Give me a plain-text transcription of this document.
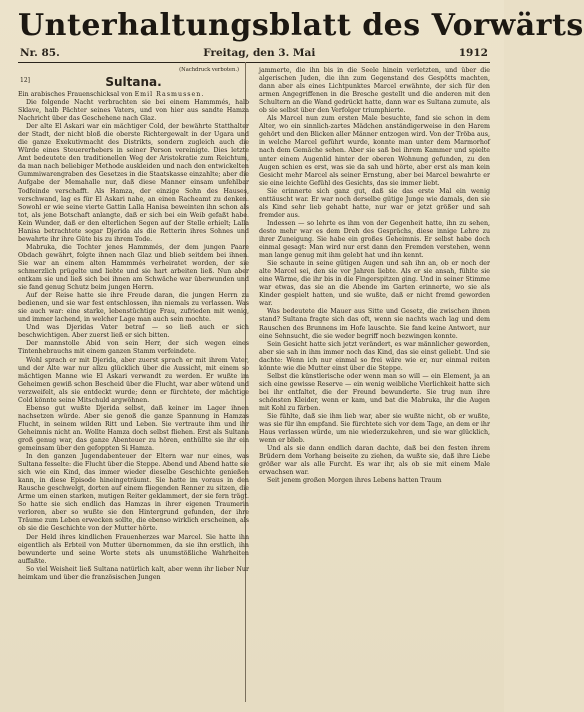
Unterhaltungsblatt des Vorwärts
Nr. 85.	Freitag, den 3. Mai	1912
(Nachdruck verboten.)
12]	Sultana.

Ein arabisches Frauenschicksal von Emil Rasmussen.

Die folgende Nacht verbrachten sie bei einem Hammmés, halb Sklave, halb Pächter seines Vaters, und von hier aus sandte Hamza Nachricht über das Geschehene nach Glaz.

Der alte El Askari war ein mächtiger Cold, der bewährte Statthalter der Stadt, der nicht bloß die oberste Richtergewalt in der Ugara und die ganze Exekutivmacht des Distrikts, sondern zugleich auch die Würde eines Steuererhebers in seiner Person vereinigte. Dies letzte Amt bedeutete den traditionellen Weg der Aristokratie zum Reichtum, da man nach beliebiger Methode auskleiden und nach den entwickelten Gummiwarengraben des Gesetzes in die Staatskasse einzahlte; aber die Aufgabe der Memahalle nur, daß diese Manner einsam unfehlbar Todfeinde verschafft. Als Hamza, der einzige Sohn des Hauses, verschwand, lag es für El Askari nahe, an einen Racheamt zu denken. Sowohl er wie seine vierte Gattin Lalla Hanisa beweinten ihn schon als tot, als jene Botschaft anlangte, daß er sich bei ein Weib gefaßt habe. Kein Wunder, daß er den elterlichen Segen auf der Stelle erhielt; Lalla Hanisa betrachtete sogar Djerida als die Retterin ihres Sohnes und bewahrte ihr ihre Güte bis zu ihrem Tode.

Mabruka, die Tochter jenes Hammmés, der dem jungen Paare Obdach gewährt, folgte ihnen nach Glaz und blieb seitdem bei ihnen. Sie war an einem alten Hammmés verheiratet worden, der sie schmerzlich prügelte und liebte und sie hart arbeiten ließ. Nun aber entkam sie und ließ sich bei ihnen am Schwäche war überwunden und sie fand genug Schutz beim jungen Herrn.

Auf der Reise hatte sie ihre Freude daran, die jungen Herrn zu bedienen, und sie war fest entschlossen, ihn niemals zu verlassen. Was sie auch war: eine starke, lebenstüchtige Frau, zufrieden mit wenig, und immer lachend, in welcher Lage man auch sein mochte.

Und was Djeridas Vater betraf — so ließ auch er sich beschwichtigen. Aber zuerst ließ er sich bitten.

Der mannstolle Abid von sein Herr, der sich wegen eines Tintenhebrauchs mit einem ganzen Stamm verfeindete.

Wohl sprach er mit Djerida, aber zuerst sprach er mit ihrem Vater, und der Alte war nur allzu glücklich über die Aussicht, mit einem so mächtigen Manne wie El Askari verwandt zu werden. Er wußte im Geheimen gewiß schon Bescheid über die Flucht, war aber wütend und verzweifelt, als sie entdeckt wurde; denn er fürchtete, der mächtige Cold könnte seine Mitschuld argwöhnen.

Ebenso gut wußte Djerida selbst, daß keiner im Lager ihnen nachsetzen würde. Aber sie genoß die ganze Spannung in Hamzas Flucht, in seinem wilden Ritt und Leben. Sie vertraute ihm und ihr Geheimnis nicht an. Wollte Hamza doch selbst fliehen. Erst als Sultana groß genug war, das ganze Abenteuer zu hören, enthüllte sie ihr ein gemeinsam über den gefoppten Si Hamza.

In den ganzen Jugendabenteuer der Eltern war nur eines, was Sultana fesselte: die Flucht über die Steppe. Abend und Abend hatte sie sich wie ein Kind, das immer wieder dieselbe Geschichte genießen kann, in diese Episode hineingeträumt. Sie hatte im voraus in den Rausche geschwelgt, dorten auf einem fliegenden Renner zu sitzen, die Arme um einen starken, mutigen Reiter geklammert, der sie fern trägt. So hatte sie sich endlich das Hamzas in ihrer eigenen Traumerin verloren, aber so wußte sie den Hintergrund gefunden, der ihre Träume zum Leben erwecken sollte, die ebenso wirklich erscheinen, als ob sie die Geschichte von der Mutter hörte.

Der Held ihres kindlichen Frauenherzes war Marcel. Sie hatte ihn eigentlich als Erbteil von Mutter übernommen, da sie ihn erstlich, ihn bewunderte und seine Worte stets als unumstößliche Wahrheiten auffaßte.

So viel Weisheit ließ Sultana natürlich kalt, aber wenn ihr lieber Nur heimkam und über die französischen Jungen

jammerte, die ihn bis in die Seele hinein verletzten, und über die algerischen Juden, die ihn zum Gegenstand des Gespötts machten, dann aber als eines Lichtpunktes Marcel erwähnte, der sich für den armen Angegriffenen in die Bresche gestellt und die anderen mit den Schultern an die Wand gedrückt hatte, dann war es Sultana zumute, als ob sie selbst über den Verfolger triumphierte.

Als Marcel nun zum ersten Male besuchte, fand sie schon in dem Alter, wo ein sinnlich-zartes Mädchen anständigerweise in den Harem gehört und den Blicken aller Männer entzogen wird. Von der Tröba aus, in welche Marcel geführt wurde, konnte man unter dem Marmorhof nach dem Gemäche sehen. Aber sie saß bei ihrem Kammer und spielte unter einem Augenlid hinter der oberen Wohnung gefunden, zu den Augen schien es erst, was sie da sah und hörte, aber erst als man kein Gesicht mehr Marcel als seiner Ernstung, aber bei Marcel bewahrte er sie eine leichte Gefühl des Gesichts, das sie immer liebt.

Sie erinnerte sich ganz gut, daß sie das erste Mal ein wenig enttäuscht war. Er war noch derselbe gütige Junge wie damals, den sie als Kind sehr lieb gehabt hatte, nur war er jetzt größer und sah fremder aus.

Indessen — so lehrte es ihm von der Gegenheit hatte, ihn zu sehen, desto mehr war es dem Dreh des Gesprächs, diese innige Lehre zu ihrer Zuneigung. Sie habe ein großes Geheimnis. Er selbst habe doch einmal gesagt: Man wird nur erst dann den Fremden verstehen, wenn man lange genug mit ihm gelebt hat und ihn kennt.

Sie schaute in seine gütigen Augen und sah ihn an, ob er noch der alte Marcel sei, den sie vor Jahren liebte. Als er sie ansah, fühlte sie eine Wärme, die ihr bis in die Fingerspitzen ging. Und in seiner Stimme war etwas, das sie an die Abende im Garten erinnerte, wo sie als Kinder gespielt hatten, und sie wußte, daß er nicht fremd geworden war.

Was bedeutete die Mauer aus Sitte und Gesetz, die zwischen ihnen stand? Sultana fragte sich das oft, wenn sie nachts wach lag und dem Rauschen des Brunnens im Hofe lauschte. Sie fand keine Antwort, nur eine Sehnsucht, die sie weder begriff noch bezwingen konnte.

Sein Gesicht hatte sich jetzt verändert, es war männlicher geworden, aber sie sah in ihm immer noch das Kind, das sie einst geliebt. Und sie dachte: Wenn ich nur einmal so frei wäre wie er, nur einmal reiten könnte wie die Mutter einst über die Steppe.

Selbst die künstlerische oder wenn man so will — ein Element, ja an sich eine gewisse Reserve — ein wenig weibliche Vierlichkeit hatte sich bei ihr entfaltet, die der Freund bewunderte. Sie trug nun ihre schönsten Kleider, wenn er kam, und bat die Mabruka, ihr die Augen mit Kohl zu färben.

Sie fühlte, daß sie ihm lieb war, aber sie wußte nicht, ob er wußte, was sie für ihn empfand. Sie fürchtete sich vor dem Tage, an dem er ihr Haus verlassen würde, um nie wiederzukehren, und sie war glücklich, wenn er blieb.

Und als sie dann endlich daran dachte, daß bei den festen ihrem Brüdern dem Vorhang beiseite zu ziehen, da wußte sie, daß ihre Liebe größer war als alle Furcht. Es war ihr, als ob sie mit einem Male erwachsen war.

Seit jenem großen Morgen ihres Lebens hatten Traum
